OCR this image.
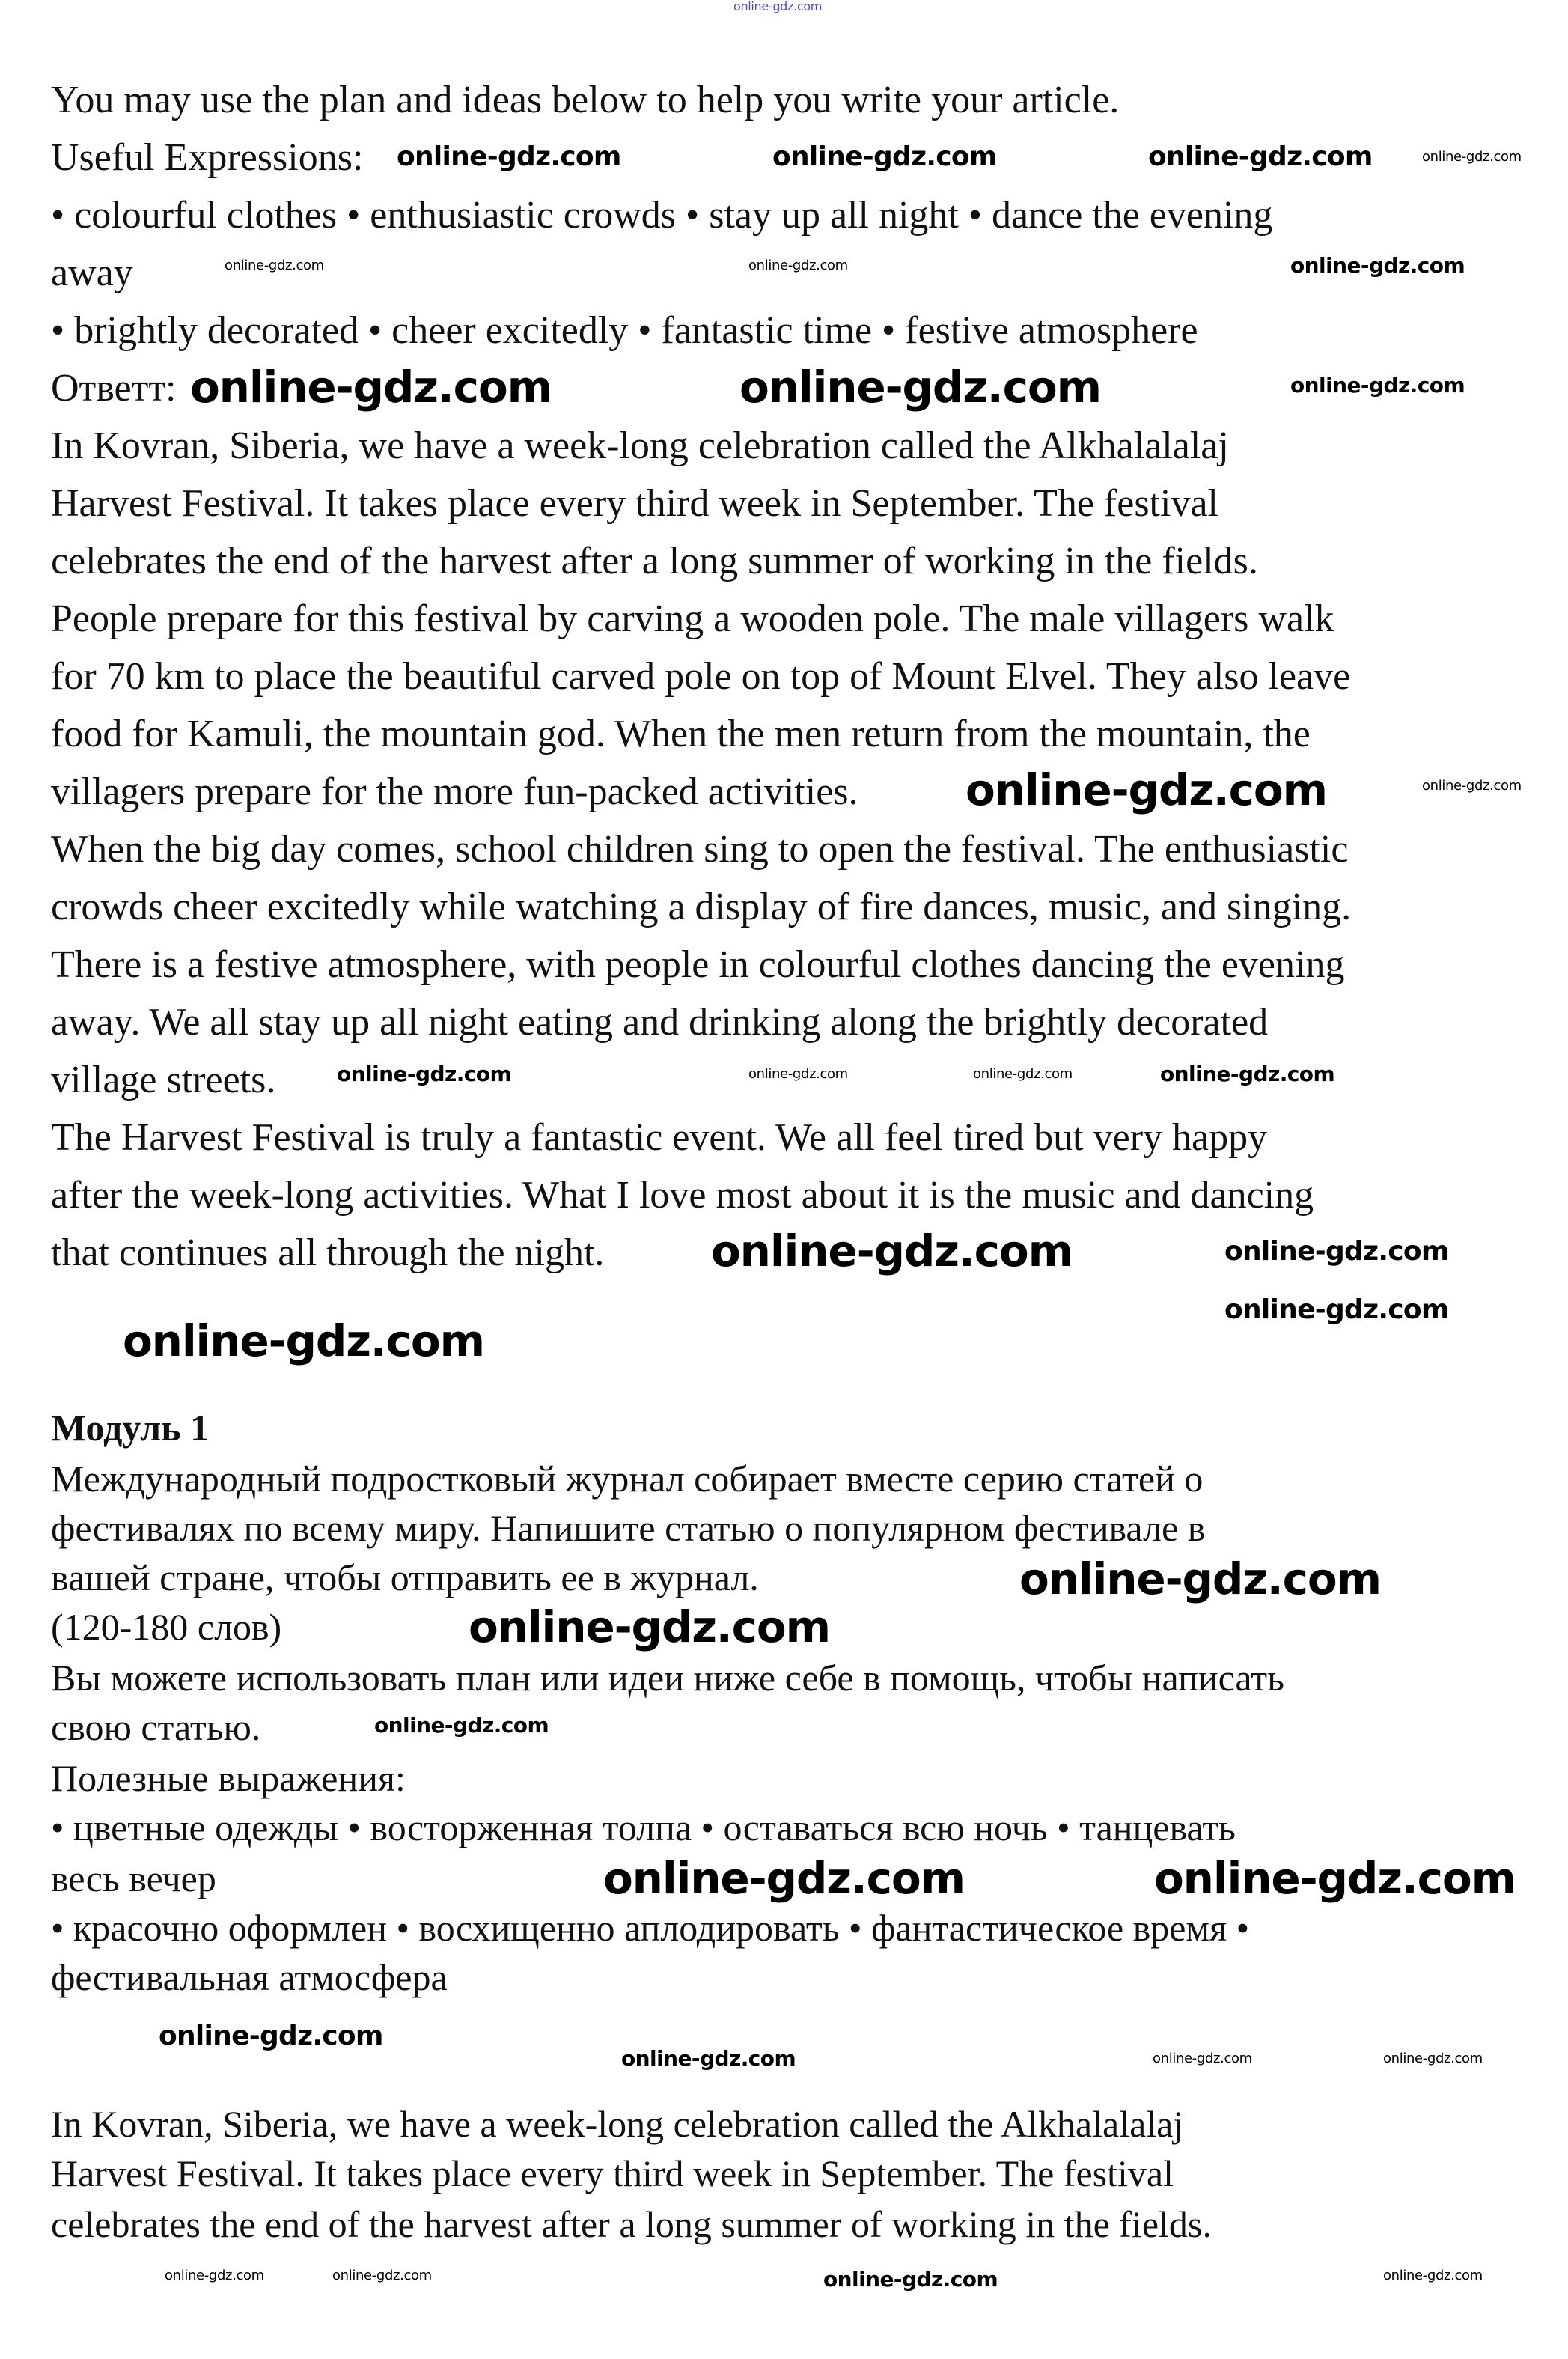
You may use the plan and ideas below to help you write your article.
Useful Expressions:
• colourful clothes • enthusiastic crowds • stay up all night • dance the evening
away
• brightly decorated • cheer excitedly • fantastic time • festive atmosphere
Ответт:
In Kovran, Siberia, we have a week-long celebration called the Alkhalalalaj
Harvest Festival. It takes place every third week in September. The festival
celebrates the end of the harvest after a long summer of working in the fields.
People prepare for this festival by carving a wooden pole. The male villagers walk
for 70 km to place the beautiful carved pole on top of Mount Elvel. They also leave
food for Kamuli, the mountain god. When the men return from the mountain, the
villagers prepare for the more fun-packed activities.
When the big day comes, school children sing to open the festival. The enthusiastic
crowds cheer excitedly while watching a display of fire dances, music, and singing.
There is a festive atmosphere, with people in colourful clothes dancing the evening
away. We all stay up all night eating and drinking along the brightly decorated
village streets.
The Harvest Festival is truly a fantastic event. We all feel tired but very happy
after the week-long activities. What I love most about it is the music and dancing
that continues all through the night.
Модуль 1
Международный подростковый журнал собирает вместе серию статей о
фестивалях по всему миру. Напишите статью о популярном фестивале в
вашей стране, чтобы отправить ее в журнал.
(120-180 слов)
Вы можете использовать план или идеи ниже себе в помощь, чтобы написать
свою статью.
Полезные выражения:
• цветные одежды • восторженная толпа • оставаться всю ночь • танцевать
весь вечер
• красочно оформлен • восхищенно аплодировать • фантастическое время •
фестивальная атмосфера
In Kovran, Siberia, we have a week-long celebration called the Alkhalalalaj
Harvest Festival. It takes place every third week in September. The festival
celebrates the end of the harvest after a long summer of working in the fields.
online-gdz.com
online-gdz.com
online-gdz.com	online-gdz.com	online-gdz.com
online-gdz.com	online-gdz.com	online-gdz.com
online-gdz.com
online-gdz.com
online-gdz.com
online-gdz.com
online-gdz.com	online-gdz.com	online-gdz.com
online-gdz.com
online-gdz.com
online-gdz.com
online-gdz.com	online-gdz.com
online-gdz.com
online-gdz.com
online-gdz.com
online-gdz.com
online-gdz.com
online-gdz.com
online-gdz.com
online-gdz.com
online-gdz.com
online-gdz.com
online-gdz.com	online-gdz.com	online-gdz.com	online-gdz.com
